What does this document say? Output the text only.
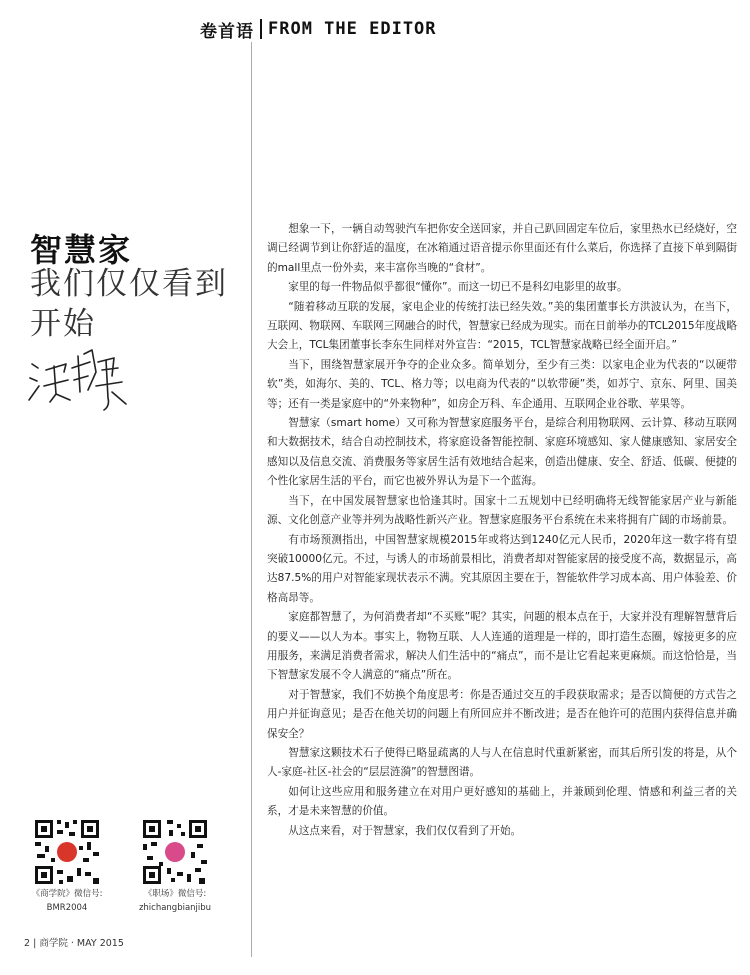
卷首语 FROM THE EDITOR
智慧家
我们仅仅看到开始

想象一下，一辆自动驾驶汽车把你安全送回家，并自己趴回固定车位后，家里热水已经烧好，空调已经调节到让你舒适的温度，在冰箱通过语音提示你里面还有什么菜后，你选择了直接下单到隔街的mall里点一份外卖，来丰富你当晚的“食材”。

家里的每一件物品似乎都很“懂你”。而这一切已不是科幻电影里的故事。

“随着移动互联的发展，家电企业的传统打法已经失效。”美的集团董事长方洪波认为，在当下，互联网、物联网、车联网三网融合的时代，智慧家已经成为现实。而在日前举办的TCL2015年度战略大会上，TCL集团董事长李东生同样对外宣告：“2015，TCL智慧家战略已经全面开启。”

当下，围绕智慧家展开争夺的企业众多。简单划分，至少有三类：以家电企业为代表的“以硬带软”类，如海尔、美的、TCL、格力等；以电商为代表的“以软带硬”类，如苏宁、京东、阿里、国美等；还有一类是家庭中的“外来物种”，如房企万科、车企通用、互联网企业谷歌、苹果等。

智慧家（smart home）又可称为智慧家庭服务平台，是综合利用物联网、云计算、移动互联网和大数据技术，结合自动控制技术，将家庭设备智能控制、家庭环境感知、家人健康感知、家居安全感知以及信息交流、消费服务等家居生活有效地结合起来，创造出健康、安全、舒适、低碳、便捷的个性化家居生活的平台，而它也被外界认为是下一个蓝海。

当下，在中国发展智慧家也恰逢其时。国家十二五规划中已经明确将无线智能家居产业与新能源、文化创意产业等并列为战略性新兴产业。智慧家庭服务平台系统在未来将拥有广阔的市场前景。

有市场预测指出，中国智慧家规模2015年或将达到1240亿元人民币，2020年这一数字将有望突破10000亿元。不过，与诱人的市场前景相比，消费者却对智能家居的接受度不高，数据显示，高达87.5%的用户对智能家现状表示不满。究其原因主要在于，智能软件学习成本高、用户体验差、价格高昂等。

家庭都智慧了，为何消费者却“不买账”呢？其实，问题的根本点在于，大家并没有理解智慧背后的要义——以人为本。事实上，物物互联、人人连通的道理是一样的，即打造生态圈，嫁接更多的应用服务，来满足消费者需求，解决人们生活中的“痛点”，而不是让它看起来更麻烦。而这恰恰是，当下智慧家发展不令人满意的“痛点”所在。

对于智慧家，我们不妨换个角度思考：你是否通过交互的手段获取需求；是否以简便的方式告之用户并征询意见；是否在他关切的问题上有所回应并不断改进；是否在他许可的范围内获得信息并确保安全？

智慧家这颗技术石子使得已略显疏离的人与人在信息时代重新紧密，而其后所引发的将是，从个人-家庭-社区-社会的“层层涟漪”的智慧图谱。

如何让这些应用和服务建立在对用户更好感知的基础上，并兼顾到伦理、情感和利益三者的关系，才是未来智慧的价值。

从这点来看，对于智慧家，我们仅仅看到了开始。

《商学院》微信号:
BMR2004
《职场》微信号:
zhichangbianjibu
2 | 商学院 · MAY 2015
